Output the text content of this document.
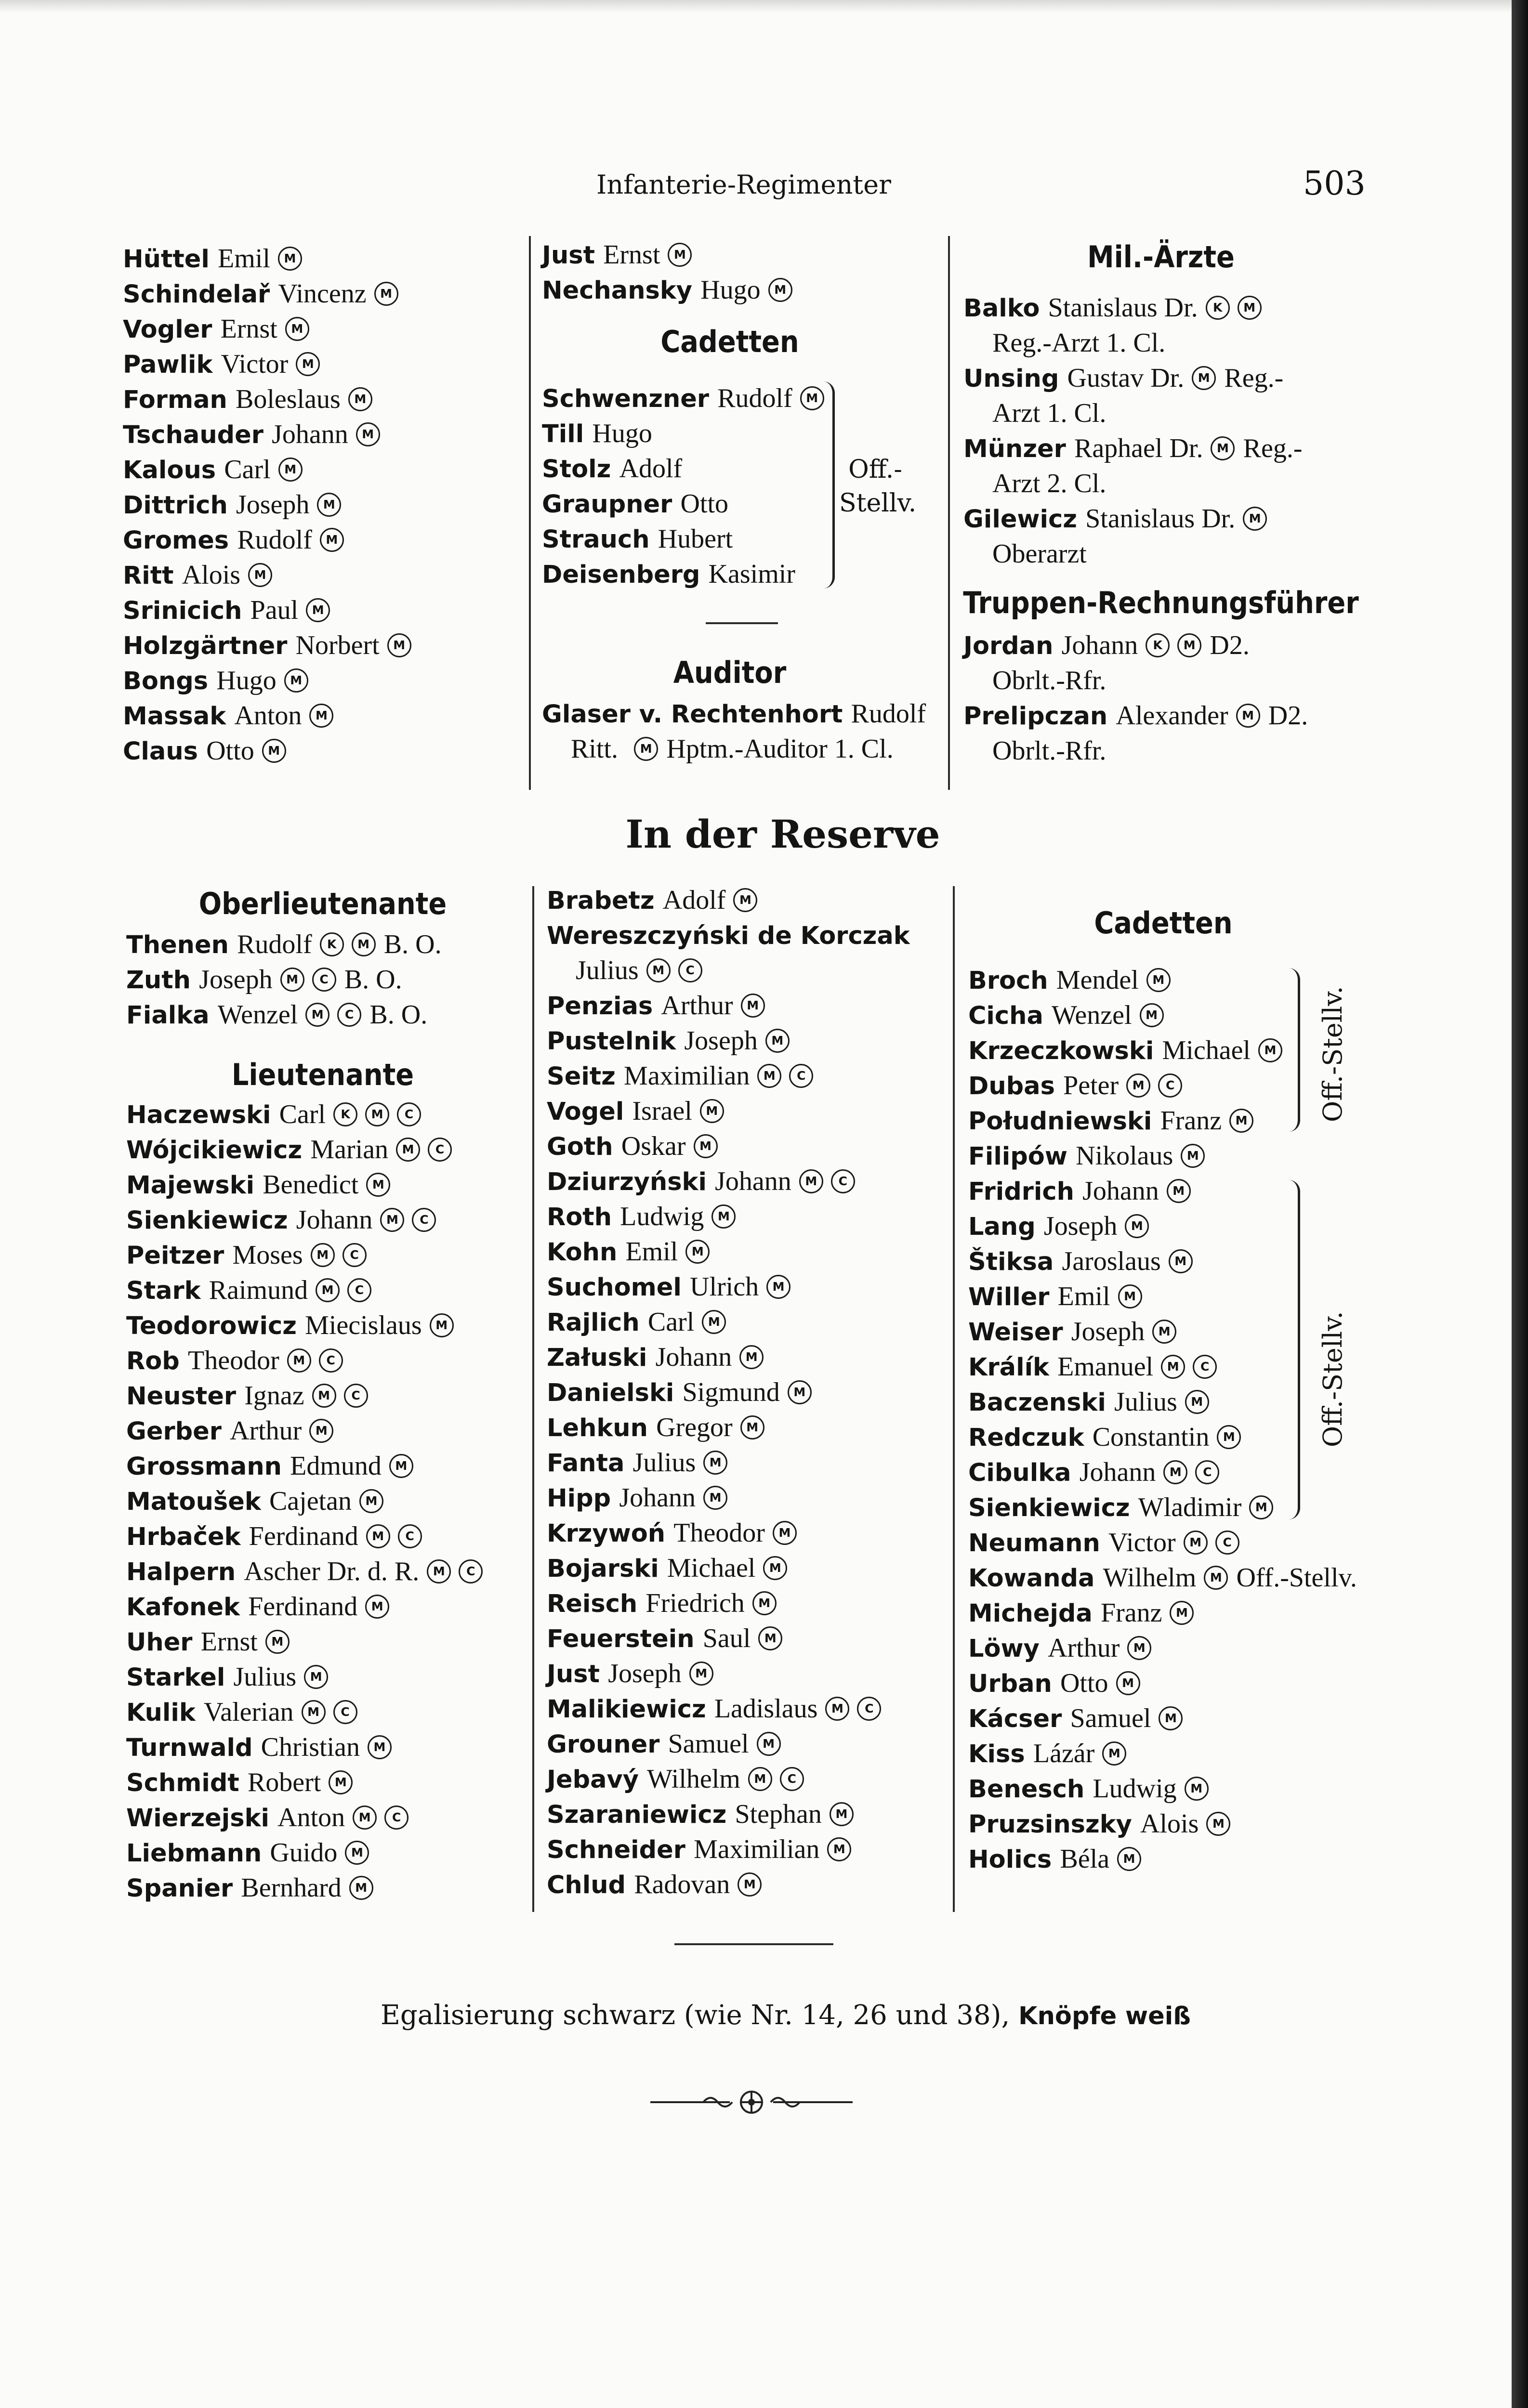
Infanterie-Regimenter	503
Hüttel Emil M
Schindelař Vincenz M
Vogler Ernst M
Pawlik Victor M
Forman Boleslaus M
Tschauder Johann M
Kalous Carl M
Dittrich Joseph M
Gromes Rudolf M
Ritt Alois M
Srinicich Paul M
Holzgärtner Norbert M
Bongs Hugo M
Massak Anton M
Claus Otto M
Just Ernst M
Nechansky Hugo M
Cadetten
Schwenzner Rudolf M
Till Hugo
Stolz Adolf
Graupner Otto
Strauch Hubert
Deisenberg Kasimir
Off.-
Stellv.
Auditor
Glaser v. Rechtenhort Rudolf
Ritt. M Hptm.-Auditor 1. Cl.
Mil.-Ärzte
Balko Stanislaus Dr. K M
Reg.-Arzt 1. Cl.
Unsing Gustav Dr. M Reg.-
Arzt 1. Cl.
Münzer Raphael Dr. M Reg.-
Arzt 2. Cl.
Gilewicz Stanislaus Dr. M
Oberarzt
Truppen-Rechnungsführer
Jordan Johann K M D2.
Obrlt.-Rfr.
Prelipczan Alexander M D2.
Obrlt.-Rfr.
In der Reserve
Oberlieutenante
Thenen Rudolf K M B. O.
Zuth Joseph M C B. O.
Fialka Wenzel M C B. O.
Lieutenante
Haczewski Carl K M C
Wójcikiewicz Marian M C
Majewski Benedict M
Sienkiewicz Johann M C
Peitzer Moses M C
Stark Raimund M C
Teodorowicz Miecislaus M
Rob Theodor M C
Neuster Ignaz M C
Gerber Arthur M
Grossmann Edmund M
Matoušek Cajetan M
Hrbaček Ferdinand M C
Halpern Ascher Dr. d. R. M C
Kafonek Ferdinand M
Uher Ernst M
Starkel Julius M
Kulik Valerian M C
Turnwald Christian M
Schmidt Robert M
Wierzejski Anton M C
Liebmann Guido M
Spanier Bernhard M
Brabetz Adolf M
Wereszczyński de Korczak
Julius M C
Penzias Arthur M
Pustelnik Joseph M
Seitz Maximilian M C
Vogel Israel M
Goth Oskar M
Dziurzyński Johann M C
Roth Ludwig M
Kohn Emil M
Suchomel Ulrich M
Rajlich Carl M
Załuski Johann M
Danielski Sigmund M
Lehkun Gregor M
Fanta Julius M
Hipp Johann M
Krzywoń Theodor M
Bojarski Michael M
Reisch Friedrich M
Feuerstein Saul M
Just Joseph M
Malikiewicz Ladislaus M C
Grouner Samuel M
Jebavý Wilhelm M C
Szaraniewicz Stephan M
Schneider Maximilian M
Chlud Radovan M
Cadetten
Broch Mendel M
Cicha Wenzel M
Krzeczkowski Michael M
Dubas Peter M C
Południewski Franz M
Filipów Nikolaus M
Fridrich Johann M
Lang Joseph M
Štiksa Jaroslaus M
Willer Emil M
Weiser Joseph M
Králík Emanuel M C
Baczenski Julius M
Redczuk Constantin M
Cibulka Johann M C
Sienkiewicz Wladimir M
Neumann Victor M C
Kowanda Wilhelm M Off.-Stellv.
Michejda Franz M
Löwy Arthur M
Urban Otto M
Kácser Samuel M
Kiss Lázár M
Benesch Ludwig M
Pruzsinszky Alois M
Holics Béla M
Off.-Stellv.
Off.-Stellv.
Egalisierung schwarz (wie Nr. 14, 26 und 38), Knöpfe weiß
